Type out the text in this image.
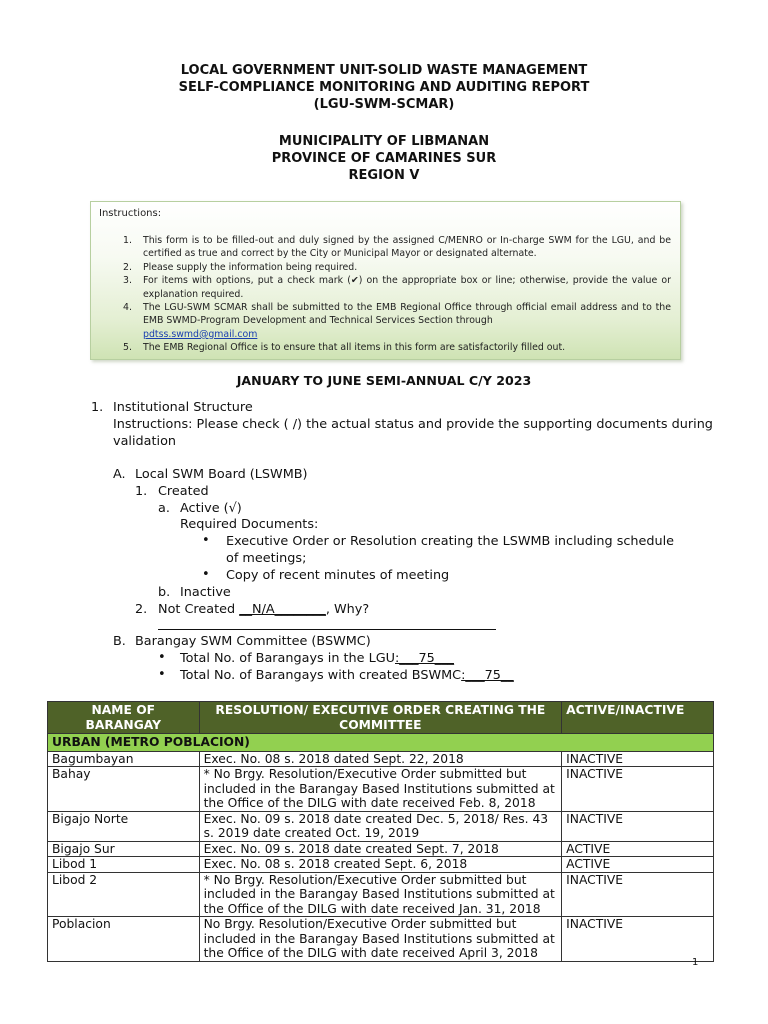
LOCAL GOVERNMENT UNIT-SOLID WASTE MANAGEMENT
SELF-COMPLIANCE MONITORING AND AUDITING REPORT
(LGU-SWM-SCMAR)
MUNICIPALITY OF LIBMANAN
PROVINCE OF CAMARINES SUR
REGION V
Instructions:
1. This form is to be filled-out and duly signed by the assigned C/MENRO or In-charge SWM for the LGU, and be certified as true and correct by the City or Municipal Mayor or designated alternate.
2. Please supply the information being required.
3. For items with options, put a check mark (✔) on the appropriate box or line; otherwise, provide the value or explanation required.
4. The LGU-SWM SCMAR shall be submitted to the EMB Regional Office through official email address and to the EMB SWMD-Program Development and Technical Services Section through
pdtss.swmd@gmail.com
5. The EMB Regional Office is to ensure that all items in this form are satisfactorily filled out.
JANUARY TO JUNE SEMI-ANNUAL C/Y 2023
1. Institutional Structure
Instructions: Please check ( /) the actual status and provide the supporting documents during validation
A. Local SWM Board (LSWMB)
1. Created
a. Active (√)
Required Documents:
• Executive Order or Resolution creating the LSWMB including schedule of meetings;
• Copy of recent minutes of meeting
b. Inactive
2. Not Created __N/A________, Why?
B. Barangay SWM Committee (BSWMC)
• Total No. of Barangays in the LGU:___75___
• Total No. of Barangays with created BSWMC:___75__
NAME OF BARANGAY	RESOLUTION/ EXECUTIVE ORDER CREATING THE COMMITTEE	ACTIVE/INACTIVE
URBAN (METRO POBLACION)		
Bagumbayan	Exec. No. 08 s. 2018 dated Sept. 22, 2018	INACTIVE
Bahay	* No Brgy. Resolution/Executive Order submitted but included in the Barangay Based Institutions submitted at the Office of the DILG with date received Feb. 8, 2018	INACTIVE
Bigajo Norte	Exec. No. 09 s. 2018 date created Dec. 5, 2018/ Res. 43 s. 2019 date created Oct. 19, 2019	INACTIVE
Bigajo Sur	Exec. No. 09 s. 2018 date created Sept. 7, 2018	ACTIVE
Libod 1	Exec. No. 08 s. 2018 created Sept. 6, 2018	ACTIVE
Libod 2	* No Brgy. Resolution/Executive Order submitted but included in the Barangay Based Institutions submitted at the Office of the DILG with date received Jan. 31, 2018	INACTIVE
Poblacion	No Brgy. Resolution/Executive Order submitted but included in the Barangay Based Institutions submitted at the Office of the DILG with date received April 3, 2018	INACTIVE
1
